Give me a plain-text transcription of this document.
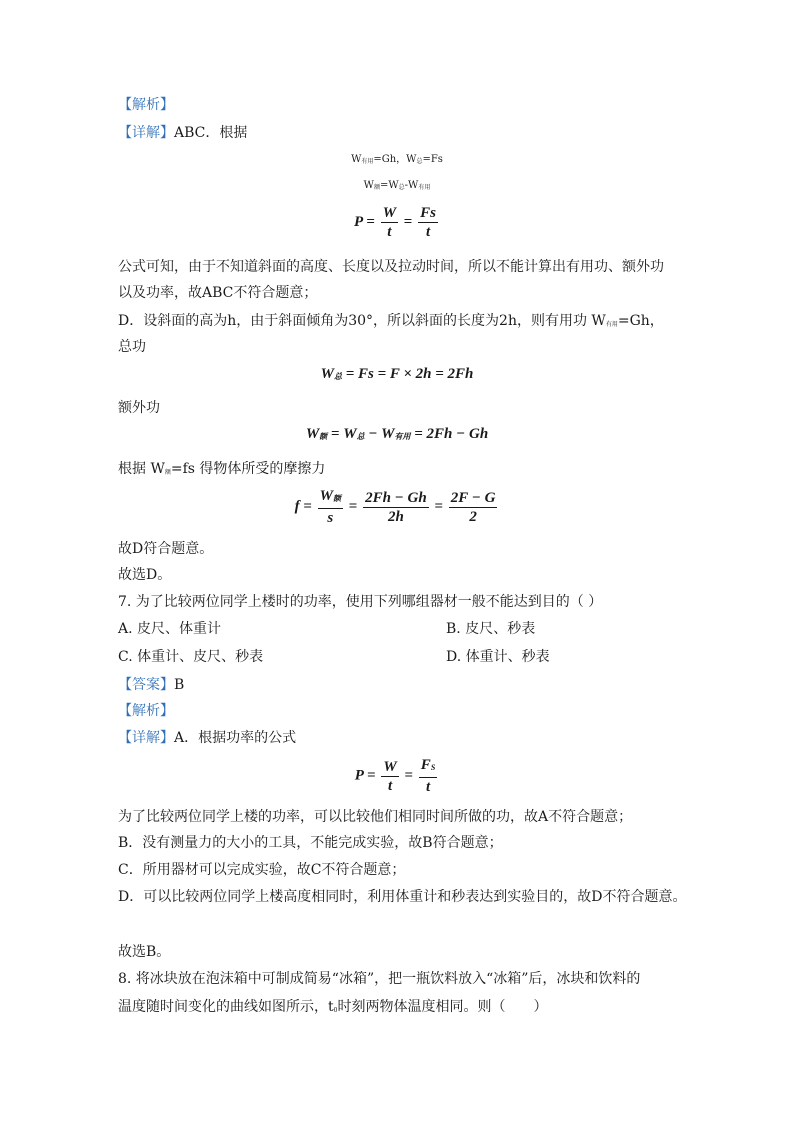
【解析】
【详解】ABC．根据
W有用=Gh，W总=Fs
W额=W总-W有用
$P = \frac{W}{t} = \frac{Fs}{t}$
公式可知，由于不知道斜面的高度、长度以及拉动时间，所以不能计算出有用功、额外功
以及功率，故ABC不符合题意；
D．设斜面的高为h，由于斜面倾角为30°，所以斜面的长度为2h，则有用功 W有用=Gh，
总功
W总 = Fs = F × 2h = 2Fh
额外功
W额 = W总 − W有用 = 2Fh − Gh
根据 W额=fs 得物体所受的摩擦力
$f = \frac{\text{W额}}{s} = \frac{2Fh - Gh}{2h} = \frac{2F - G}{2}$
故D符合题意。
故选D。
7. 为了比较两位同学上楼时的功率，使用下列哪组器材一般不能达到目的（ ）
A. 皮尺、体重计	B. 皮尺、秒表
C. 体重计、皮尺、秒表	D. 体重计、秒表
【答案】B
【解析】
【详解】A．根据功率的公式
$P = \frac{W}{t} = \frac{FS}{t}$
为了比较两位同学上楼的功率，可以比较他们相同时间所做的功，故A不符合题意；
B．没有测量力的大小的工具，不能完成实验，故B符合题意；
C．所用器材可以完成实验，故C不符合题意；
D．可以比较两位同学上楼高度相同时，利用体重计和秒表达到实验目的，故D不符合题意。
故选B。
8. 将冰块放在泡沫箱中可制成简易“冰箱”，把一瓶饮料放入“冰箱”后，冰块和饮料的
温度随时间变化的曲线如图所示，t0时刻两物体温度相同。则（　　）
